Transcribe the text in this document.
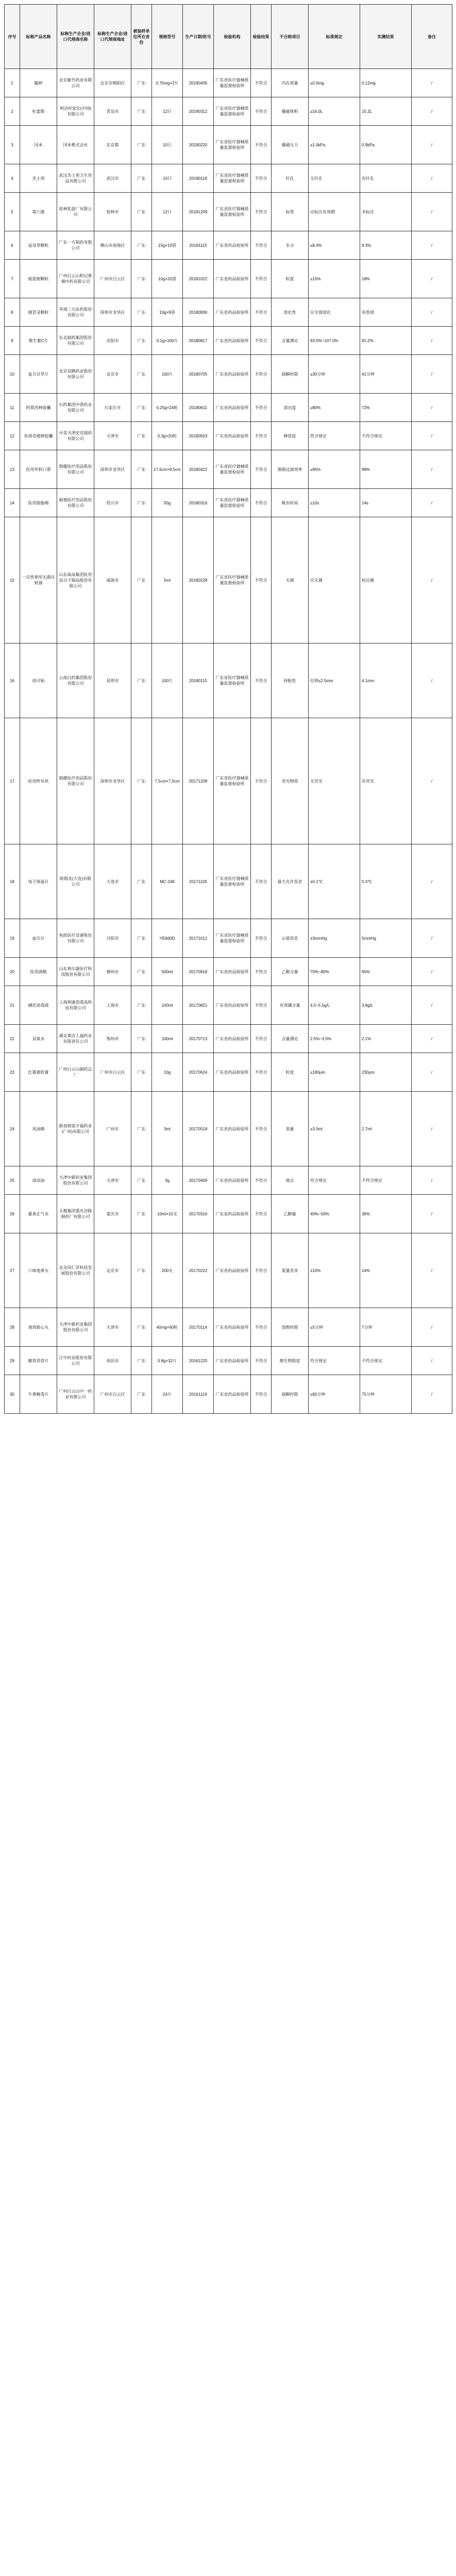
序号	标称产品名称	标称生产企业/进口代理商名称	标称生产企业/进口代理商地址	被抽样单位所在省份	规格型号	生产日期/批号	检验机构	检验结果	不合格项目	标准规定	实测结果	备注
1	毓婷	北京紫竹药业有限公司	北京市朝阳区	广东	0.75mg×2片	20190405	广东省医疗器械质量监督检验所	不符合	内在质量	≥0.5mg	0.12mg	/
2	杜蕾斯	利洁时家化(中国)有限公司	青岛市	广东	12只	20190312	广东省医疗器械质量监督检验所	不符合	爆破体积	≥16.0L	15.2L	/
3	冈本	冈本株式会社	东京都	广东	10只	20190220	广东省医疗器械质量监督检验所	不符合	爆破压力	≥1.0kPa	0.9kPa	/
4	杰士邦	武汉杰士邦卫生用品有限公司	武汉市	广东	10只	20190118	广东省医疗器械质量监督检验所	不符合	针孔	无针孔	有针孔	/
5	第六感	桂林乳胶厂有限公司	桂林市	广东	12只	20181209	广东省医疗器械质量监督检验所	不符合	标签	应标注有效期	未标注	/
6	益母草颗粒	广东一方制药有限公司	佛山市南海区	广东	15g×10袋	20181115	广东省药品检验所	不符合	水分	≤8.0%	9.3%	/
7	板蓝根颗粒	广州白云山和记黄埔中药有限公司	广州市白云区	广东	10g×20袋	20181022	广东省药品检验所	不符合	粒度	≤15%	18%	/
8	感冒灵颗粒	华润三九医药股份有限公司	深圳市龙华区	广东	10g×9袋	20180930	广东省药品检验所	不符合	溶化性	应全部溶化	有焦屑	/
9	维生素C片	东北制药集团股份有限公司	沈阳市	广东	0.1g×100片	20180817	广东省药品检验所	不符合	含量测定	93.0%~107.0%	91.2%	/
10	复方甘草片	北京双鹤药业股份有限公司	北京市	广东	100片	20180705	广东省药品检验所	不符合	崩解时限	≤30分钟	41分钟	/
11	阿莫西林胶囊	石药集团中诺药业有限公司	石家庄市	广东	0.25g×24粒	20180611	广东省药品检验所	不符合	溶出度	≥80%	72%	/
12	布洛芬缓释胶囊	中美天津史克制药有限公司	天津市	广东	0.3g×20粒	20180503	广东省药品检验所	不符合	释放度	符合规定	不符合规定	/
13	医用外科口罩	稳健医疗用品股份有限公司	深圳市龙华区	广东	17.5cm×9.5cm	20180422	广东省医疗器械质量监督检验所	不符合	细菌过滤效率	≥95%	88%	/
14	医用脱脂棉	振德医疗用品股份有限公司	绍兴市	广东	50g	20180316	广东省医疗器械质量监督检验所	不符合	吸水时间	≤10s	14s	/
15	一次性使用无菌注射器	山东威高集团医用高分子制品股份有限公司	威海市	广东	5ml	20180228	广东省医疗器械质量监督检验所	不符合	无菌	应无菌	检出菌	/
16	创可贴	云南白药集团股份有限公司	昆明市	广东	100片	20180115	广东省医疗器械质量监督检验所	不符合	持粘性	位移≤2.5mm	4.1mm	/
17	医用纱布块	稳健医疗用品股份有限公司	深圳市龙华区	广东	7.5cm×7.5cm	20171208	广东省医疗器械质量监督检验所	不符合	荧光物质	无荧光	有荧光	/
18	电子体温计	欧姆龙(大连)有限公司	大连市	广东	MC-246	20171105	广东省医疗器械质量监督检验所	不符合	最大允许误差	±0.1℃	0.3℃	/
19	血压计	鱼跃医疗设备股份有限公司	丹阳市	广东	YE660D	20171012	广东省医疗器械质量监督检验所	不符合	示值误差	±3mmHg	5mmHg	/
20	医用酒精	山东利尔康医疗科技股份有限公司	德州市	广东	500ml	20170918	广东省药品检验所	不符合	乙醇含量	70%~80%	65%	/
21	碘伏消毒液	上海利康消毒高科技有限公司	上海市	广东	100ml	20170821	广东省药品检验所	不符合	有效碘含量	4.5~5.5g/L	3.8g/L	/
22	双氧水	湖北葛店人福药业有限责任公司	鄂州市	广东	100ml	20170713	广东省药品检验所	不符合	含量测定	2.5%~3.5%	2.1%	/
23	红霉素软膏	广州白云山制药总厂	广州市白云区	广东	10g	20170624	广东省药品检验所	不符合	粒度	≤180μm	230μm	/
24	风油精	新加坡梁介福药业(广州)有限公司	广州市	广东	3ml	20170518	广东省药品检验所	不符合	装量	≥3.0ml	2.7ml	/
25	清凉油	天津中新药业集团股份有限公司	天津市	广东	3g	20170409	广东省药品检验所	不符合	熔点	符合规定	不符合规定	/
26	藿香正气水	太极集团重庆涪陵制药厂有限公司	重庆市	广东	10ml×10支	20170316	广东省药品检验所	不符合	乙醇量	40%~50%	36%	/
27	六味地黄丸	北京同仁堂科技发展股份有限公司	北京市	广东	200丸	20170222	广东省药品检验所	不符合	重量差异	±10%	14%	/
28	速效救心丸	天津中新药业集团股份有限公司	天津市	广东	40mg×60粒	20170114	广东省药品检验所	不符合	溶散时限	≤5分钟	7分钟	/
29	健胃消食片	江中药业股份有限公司	南昌市	广东	0.8g×32片	20161225	广东省药品检验所	不符合	微生物限度	符合规定	不符合规定	/
30	牛黄解毒片	广州白云山中一药业有限公司	广州市白云区	广东	24片	20161119	广东省药品检验所	不符合	崩解时限	≤60分钟	75分钟	/
